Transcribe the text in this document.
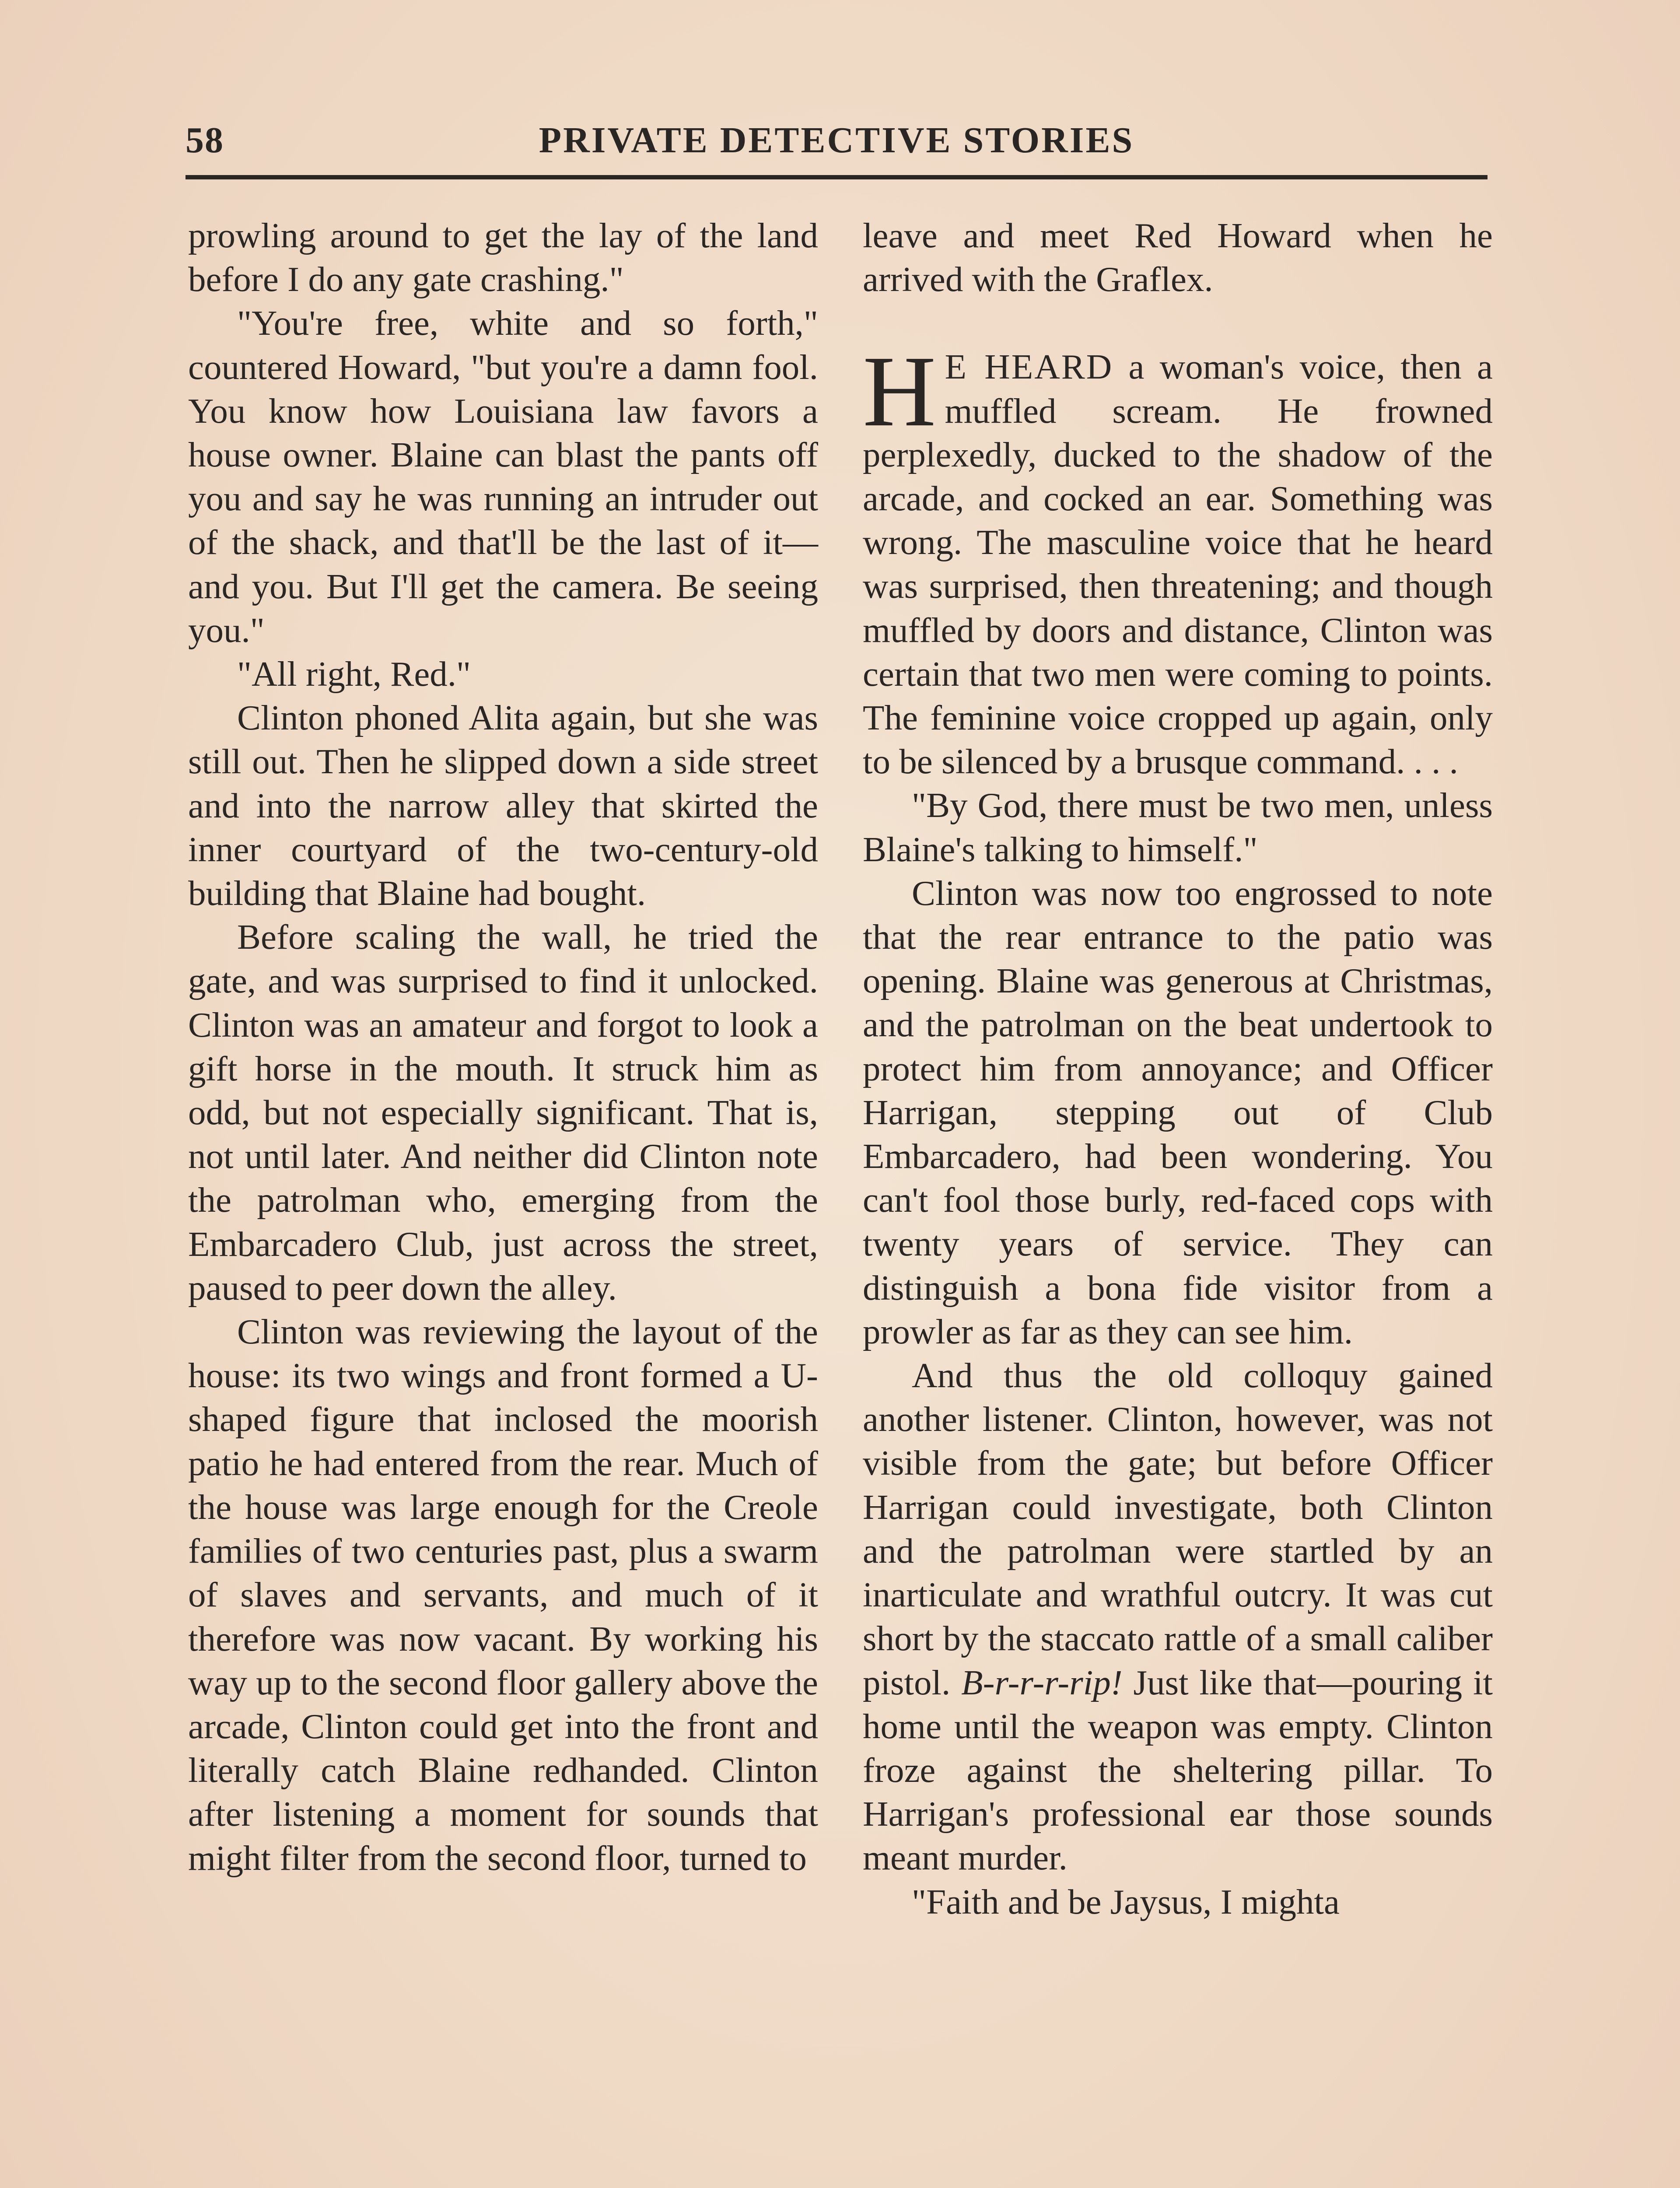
58	PRIVATE DETECTIVE STORIES

prowling around to get the lay of the land before I do any gate crashing."

"You're free, white and so forth," countered Howard, "but you're a damn fool. You know how Louisiana law favors a house owner. Blaine can blast the pants off you and say he was running an intruder out of the shack, and that'll be the last of it—and you. But I'll get the camera. Be seeing you."

"All right, Red."

Clinton phoned Alita again, but she was still out. Then he slipped down a side street and into the narrow alley that skirted the inner courtyard of the two-century-old building that Blaine had bought.

Before scaling the wall, he tried the gate, and was surprised to find it unlocked. Clinton was an amateur and forgot to look a gift horse in the mouth. It struck him as odd, but not especially significant. That is, not until later. And neither did Clinton note the patrolman who, emerging from the Embarcadero Club, just across the street, paused to peer down the alley.

Clinton was reviewing the layout of the house: its two wings and front formed a U-shaped figure that inclosed the moorish patio he had entered from the rear. Much of the house was large enough for the Creole families of two centuries past, plus a swarm of slaves and servants, and much of it therefore was now vacant. By working his way up to the second floor gallery above the arcade, Clinton could get into the front and literally catch Blaine redhanded. Clinton after listening a moment for sounds that might filter from the second floor, turned to

leave and meet Red Howard when he arrived with the Graflex.

H E HEARD a woman's voice, then a muffled scream. He frowned perplexedly, ducked to the shadow of the arcade, and cocked an ear. Something was wrong. The masculine voice that he heard was surprised, then threatening; and though muffled by doors and distance, Clinton was certain that two men were coming to points. The feminine voice cropped up again, only to be silenced by a brusque command. . . .

"By God, there must be two men, unless Blaine's talking to himself."

Clinton was now too engrossed to note that the rear entrance to the patio was opening. Blaine was generous at Christmas, and the patrolman on the beat undertook to protect him from annoyance; and Officer Harrigan, stepping out of Club Embarcadero, had been wondering. You can't fool those burly, red-faced cops with twenty years of service. They can distinguish a bona fide visitor from a prowler as far as they can see him.

And thus the old colloquy gained another listener. Clinton, however, was not visible from the gate; but before Officer Harrigan could investigate, both Clinton and the patrolman were startled by an inarticulate and wrathful outcry. It was cut short by the staccato rattle of a small caliber pistol. B-r-r-r-rip! Just like that—pouring it home until the weapon was empty. Clinton froze against the sheltering pillar. To Harrigan's professional ear those sounds meant murder.

"Faith and be Jaysus, I mighta
